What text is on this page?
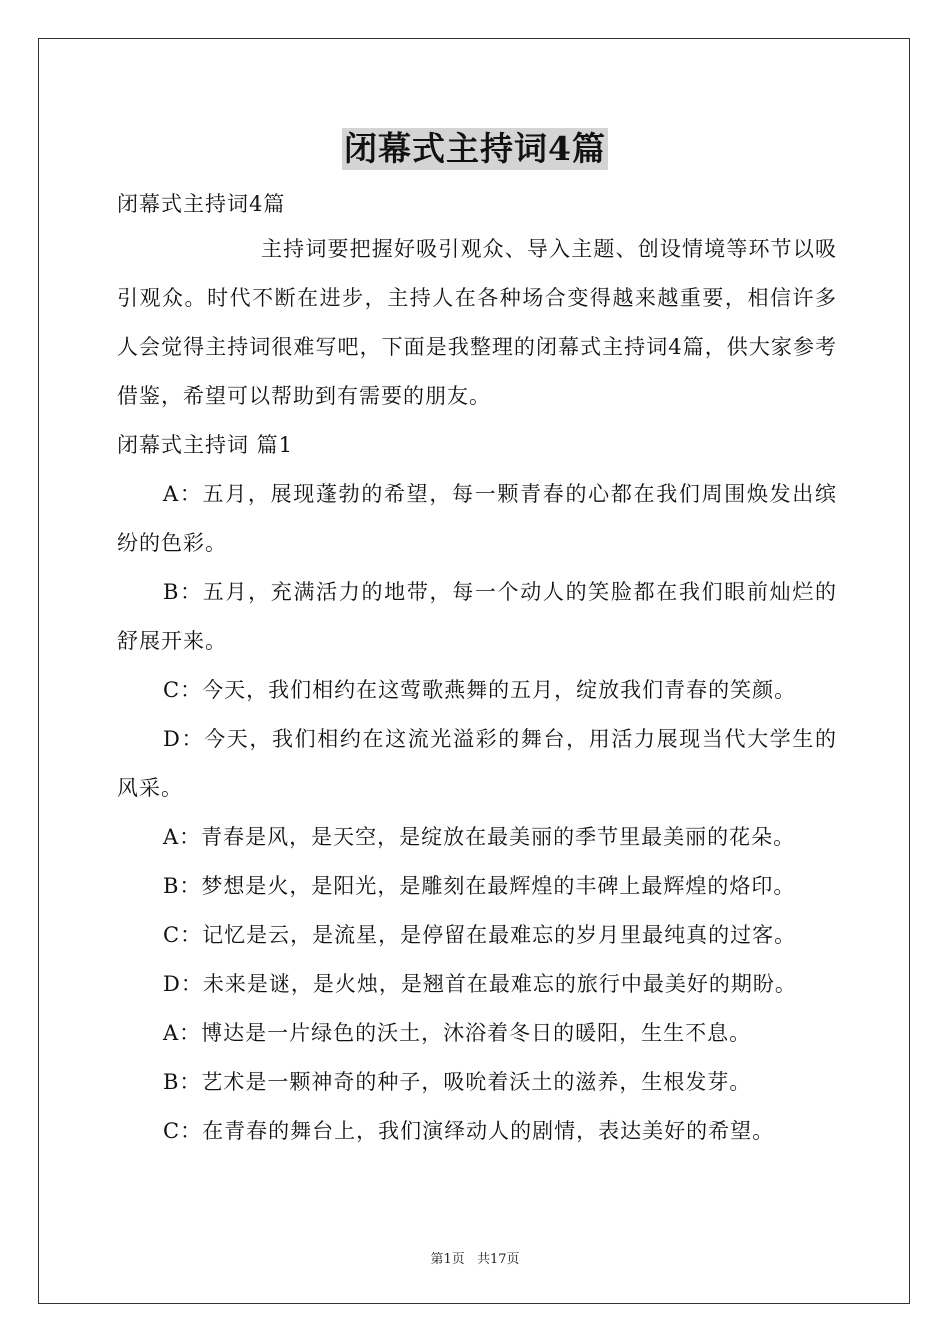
闭幕式主持词4篇

闭幕式主持词4篇

主持词要把握好吸引观众、导入主题、创设情境等环节以吸引观众。时代不断在进步，主持人在各种场合变得越来越重要，相信许多人会觉得主持词很难写吧，下面是我整理的闭幕式主持词4篇，供大家参考借鉴，希望可以帮助到有需要的朋友。

闭幕式主持词 篇1

A：五月，展现蓬勃的希望，每一颗青春的心都在我们周围焕发出缤纷的色彩。

B：五月，充满活力的地带，每一个动人的笑脸都在我们眼前灿烂的舒展开来。

C：今天，我们相约在这莺歌燕舞的五月，绽放我们青春的笑颜。

D：今天，我们相约在这流光溢彩的舞台，用活力展现当代大学生的风采。

A：青春是风，是天空，是绽放在最美丽的季节里最美丽的花朵。

B：梦想是火，是阳光，是雕刻在最辉煌的丰碑上最辉煌的烙印。

C：记忆是云，是流星，是停留在最难忘的岁月里最纯真的过客。

D：未来是谜，是火烛，是翘首在最难忘的旅行中最美好的期盼。

A：博达是一片绿色的沃土，沐浴着冬日的暖阳，生生不息。

B：艺术是一颗神奇的种子，吸吮着沃土的滋养，生根发芽。

C：在青春的舞台上，我们演绎动人的剧情，表达美好的希望。

第1页 共17页
